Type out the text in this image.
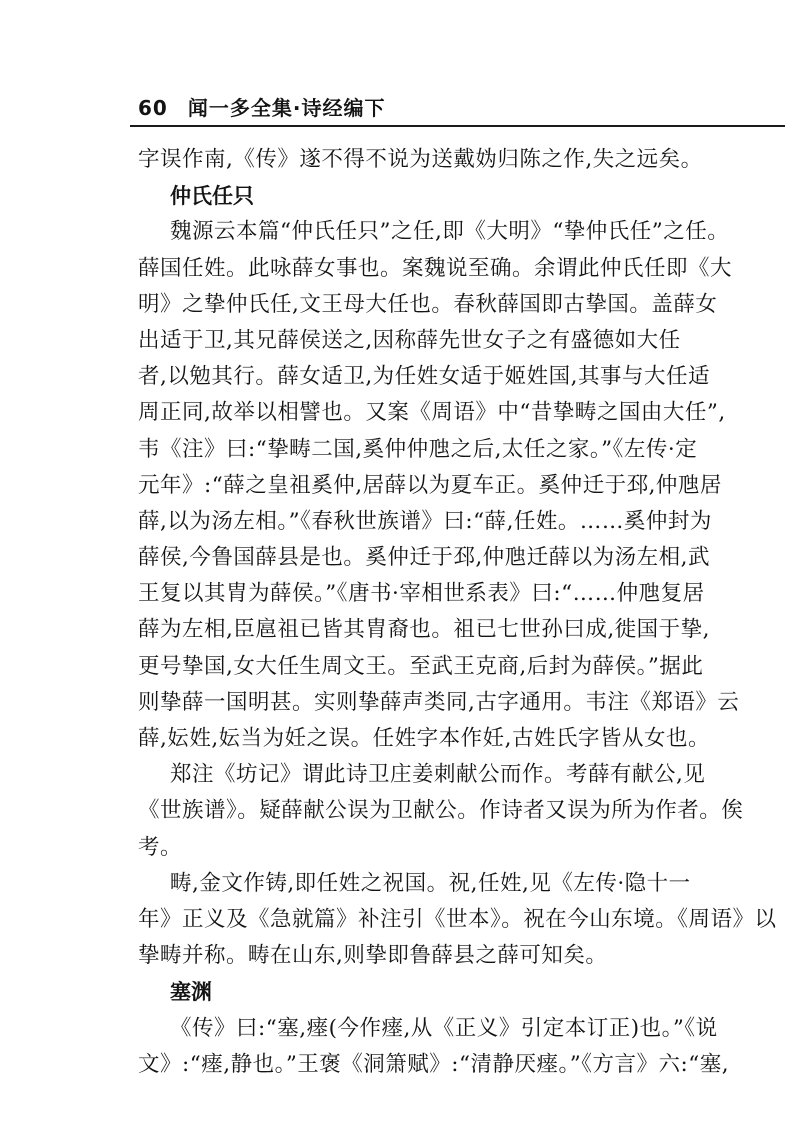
60 闻一多全集·诗经编下
字误作南,《传》遂不得不说为送戴妫归陈之作,失之远矣。
仲氏任只
魏源云本篇“仲氏任只”之任,即《大明》“挚仲氏任”之任。
薛国任姓。此咏薛女事也。案魏说至确。余谓此仲氏任即《大
明》之挚仲氏任,文王母大任也。春秋薛国即古挚国。盖薛女
出适于卫,其兄薛侯送之,因称薛先世女子之有盛德如大任
者,以勉其行。薛女适卫,为任姓女适于姬姓国,其事与大任适
周正同,故举以相譬也。又案《周语》中“昔挚畴之国由大任”,
韦《注》曰:“挚畴二国,奚仲仲虺之后,太任之家。”《左传·定
元年》:“薛之皇祖奚仲,居薛以为夏车正。奚仲迁于邳,仲虺居
薛,以为汤左相。”《春秋世族谱》曰:“薛,任姓。……奚仲封为
薛侯,今鲁国薛县是也。奚仲迁于邳,仲虺迁薛以为汤左相,武
王复以其胄为薛侯。”《唐书·宰相世系表》曰:“……仲虺复居
薛为左相,臣扈祖已皆其胄裔也。祖已七世孙曰成,徙国于挚,
更号挚国,女大任生周文王。至武王克商,后封为薛侯。”据此
则挚薛一国明甚。实则挚薛声类同,古字通用。韦注《郑语》云
薛,妘姓,妘当为妊之误。任姓字本作妊,古姓氏字皆从女也。
郑注《坊记》谓此诗卫庄姜刺献公而作。考薛有献公,见
《世族谱》。疑薛献公误为卫献公。作诗者又误为所为作者。俟
考。
畴,金文作铸,即任姓之祝国。祝,任姓,见《左传·隐十一
年》正义及《急就篇》补注引《世本》。祝在今山东境。《周语》以
挚畴并称。畴在山东,则挚即鲁薛县之薛可知矣。
塞渊
《传》曰:“塞,瘗(今作瘗,从《正义》引定本订正)也。”《说
文》:“瘗,静也。”王褒《洞箫赋》:“清静厌瘗。”《方言》六:“塞,
